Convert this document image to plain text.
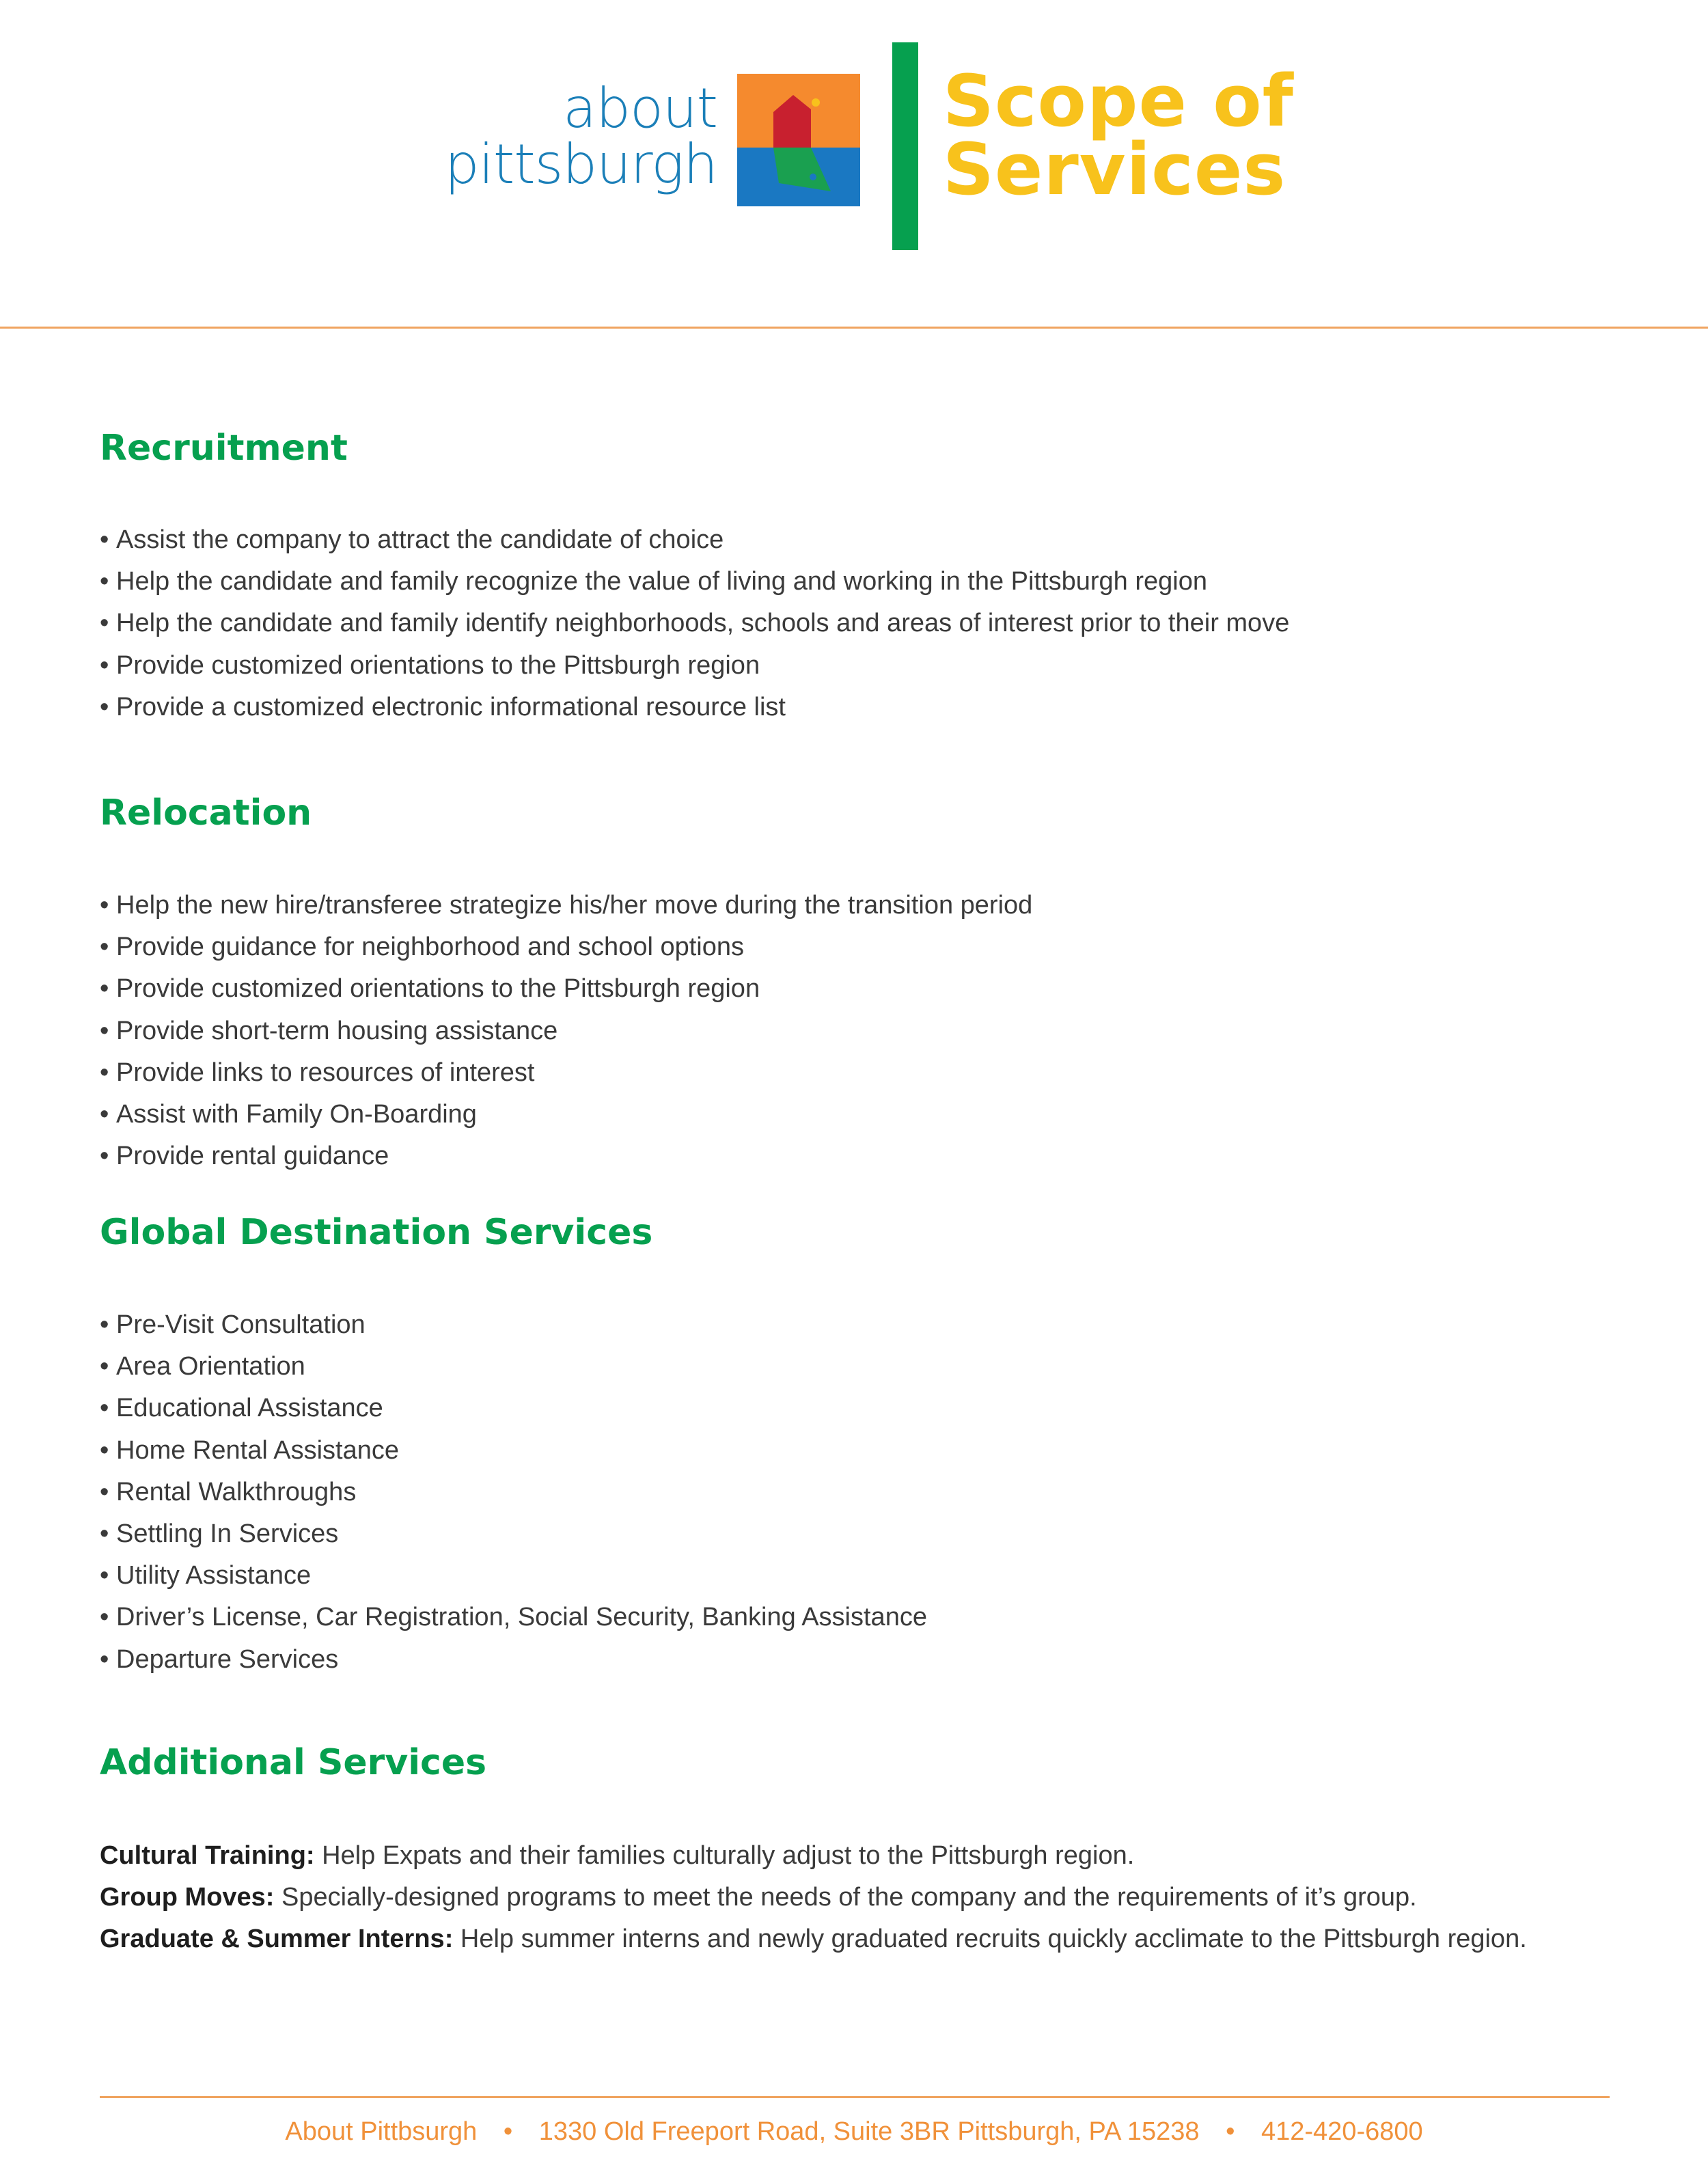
about
pittsburgh
Scope of
Services
Recruitment
• Assist the company to attract the candidate of choice
• Help the candidate and family recognize the value of living and working in the Pittsburgh region
• Help the candidate and family identify neighborhoods, schools and areas of interest prior to their move
• Provide customized orientations to the Pittsburgh region
• Provide a customized electronic informational resource list
Relocation
• Help the new hire/transferee strategize his/her move during the transition period
• Provide guidance for neighborhood and school options
• Provide customized orientations to the Pittsburgh region
• Provide short-term housing assistance
• Provide links to resources of interest
• Assist with Family On-Boarding
• Provide rental guidance
Global Destination Services
• Pre-Visit Consultation
• Area Orientation
• Educational Assistance
• Home Rental Assistance
• Rental Walkthroughs
• Settling In Services
• Utility Assistance
• Driver’s License, Car Registration, Social Security, Banking Assistance
• Departure Services
Additional Services
Cultural Training: Help Expats and their families culturally adjust to the Pittsburgh region.
Group Moves: Specially-designed programs to meet the needs of the company and the requirements of it’s group.
Graduate & Summer Interns: Help summer interns and newly graduated recruits quickly acclimate to the Pittsburgh region.
About Pittbsurgh • 1330 Old Freeport Road, Suite 3BR Pittsburgh, PA 15238 • 412-420-6800
